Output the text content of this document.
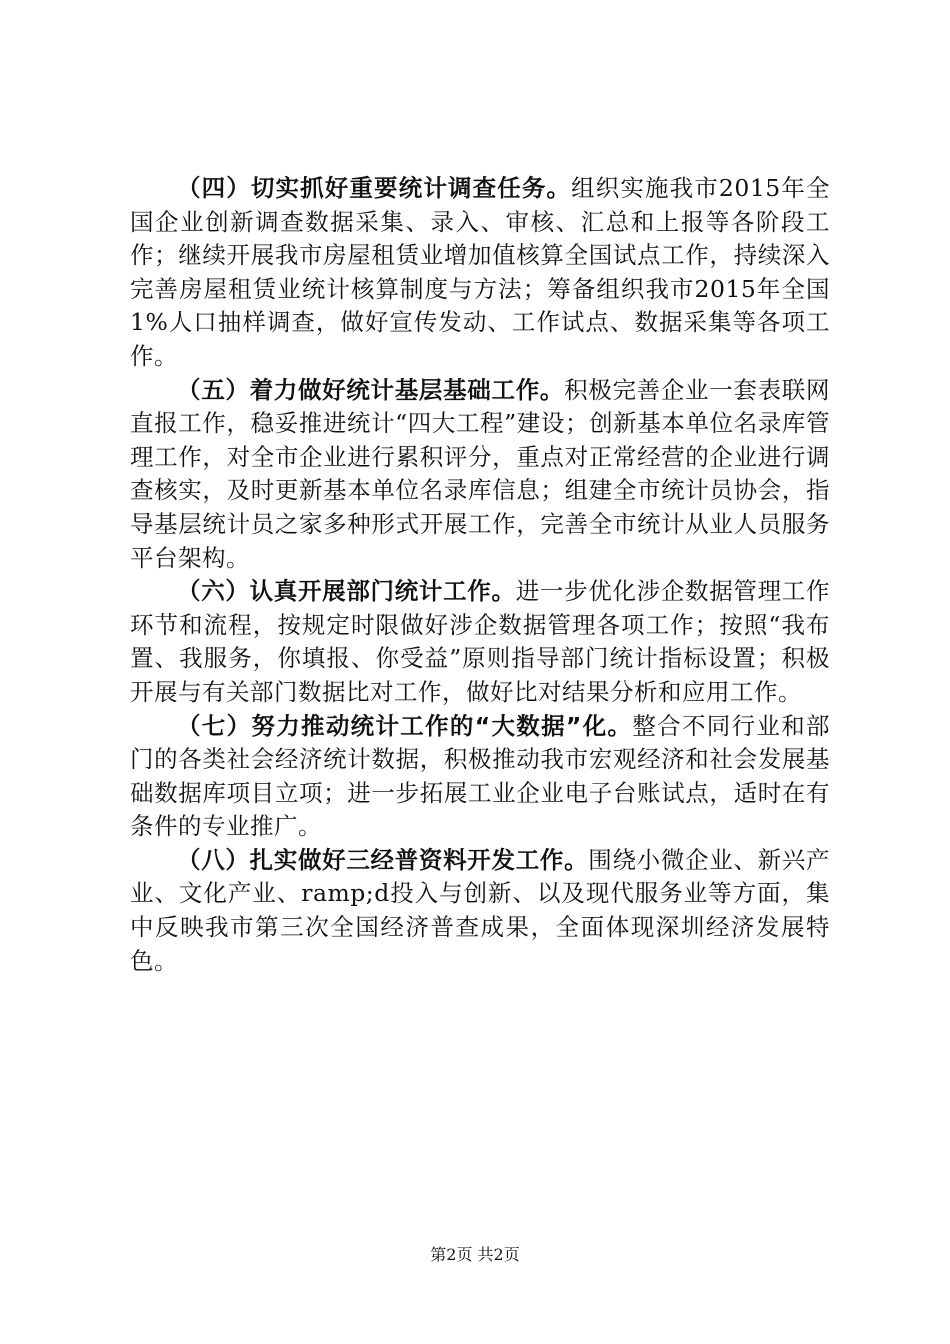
（四）切实抓好重要统计调查任务。组织实施我市2015年全国企业创新调查数据采集、录入、审核、汇总和上报等各阶段工作；继续开展我市房屋租赁业增加值核算全国试点工作，持续深入完善房屋租赁业统计核算制度与方法；筹备组织我市2015年全国1%人口抽样调查，做好宣传发动、工作试点、数据采集等各项工作。

（五）着力做好统计基层基础工作。积极完善企业一套表联网直报工作，稳妥推进统计“四大工程”建设；创新基本单位名录库管理工作，对全市企业进行累积评分，重点对正常经营的企业进行调查核实，及时更新基本单位名录库信息；组建全市统计员协会，指导基层统计员之家多种形式开展工作，完善全市统计从业人员服务平台架构。

（六）认真开展部门统计工作。进一步优化涉企数据管理工作环节和流程，按规定时限做好涉企数据管理各项工作；按照“我布置、我服务，你填报、你受益”原则指导部门统计指标设置；积极开展与有关部门数据比对工作，做好比对结果分析和应用工作。

（七）努力推动统计工作的“大数据”化。整合不同行业和部门的各类社会经济统计数据，积极推动我市宏观经济和社会发展基础数据库项目立项；进一步拓展工业企业电子台账试点，适时在有条件的专业推广。

（八）扎实做好三经普资料开发工作。围绕小微企业、新兴产业、文化产业、ramp;d投入与创新、以及现代服务业等方面，集中反映我市第三次全国经济普查成果，全面体现深圳经济发展特色。

第2页 共2页
